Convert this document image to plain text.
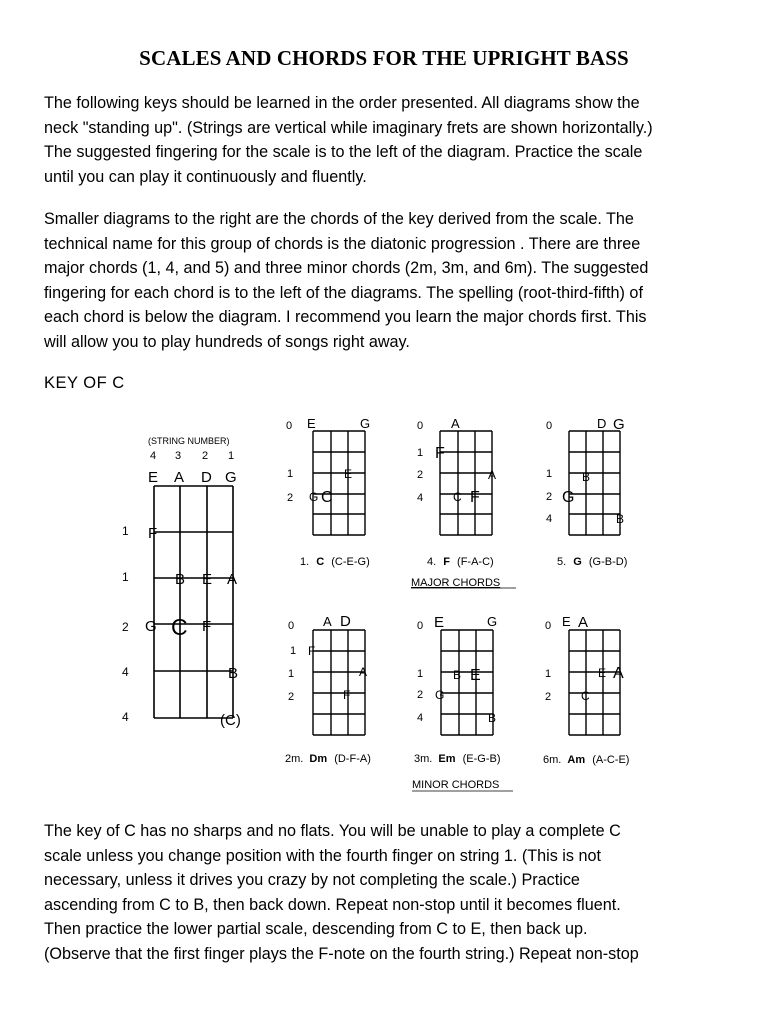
SCALES AND CHORDS FOR THE UPRIGHT BASS

The following keys should be learned in the order presented. All diagrams show the
neck "standing up". (Strings are vertical while imaginary frets are shown horizontally.)
The suggested fingering for the scale is to the left of the diagram. Practice the scale
until you can play it continuously and fluently.

Smaller diagrams to the right are the chords of the key derived from the scale. The
technical name for this group of chords is the diatonic progression . There are three
major chords (1, 4, and 5) and three minor chords (2m, 3m, and 6m). The suggested
fingering for each chord is to the left of the diagrams. The spelling (root-third-fifth) of
each chord is below the diagram. I recommend you learn the major chords first. This
will allow you to play hundreds of songs right away.

KEY OF C
(STRING NUMBER)
4 3 2 1
E A D G
1
1
2
4
4
F
B E A
G C F
B
(C)
0 E	G
1
2
E
G C
1. C (C-E-G)
0 A
1
2
4
F
A
C F
4. F (F-A-C)
0	D G
1
2
4
B
G
B
5. G (G-B-D)
MAJOR CHORDS
0 A D
1
1
2
F
A
F
2m. Dm (D-F-A)
0 E	G
1
2
4
B E
G
B
3m. Em (E-G-B)
0 E A
1
2
E A
C
6m. Am (A-C-E)
MINOR CHORDS

The key of C has no sharps and no flats. You will be unable to play a complete C
scale unless you change position with the fourth finger on string 1. (This is not
necessary, unless it drives you crazy by not completing the scale.) Practice
ascending from C to B, then back down. Repeat non-stop until it becomes fluent.
Then practice the lower partial scale, descending from C to E, then back up.
(Observe that the first finger plays the F-note on the fourth string.) Repeat non-stop
